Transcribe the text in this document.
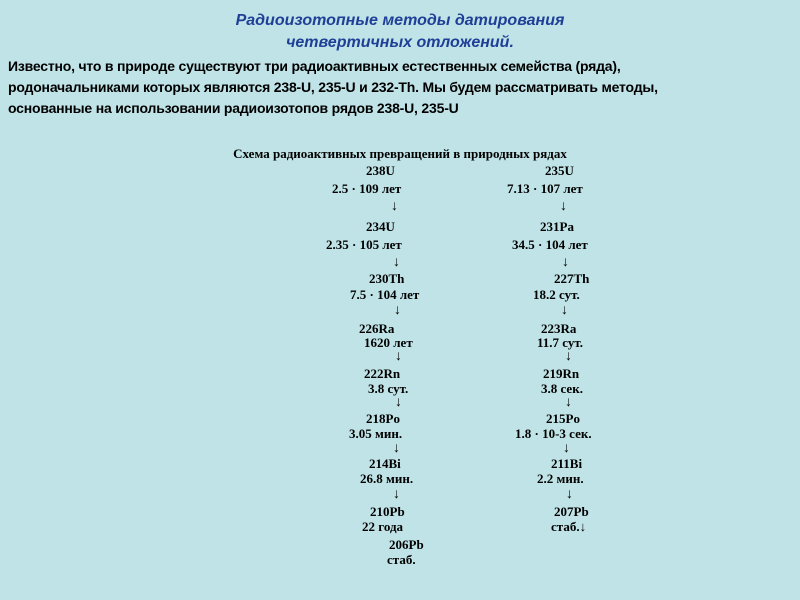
Радиоизотопные методы датирования
четвертичных отложений.
Известно, что в природе существуют три радиоактивных естественных семейства (ряда),
родоначальниками которых являются 238-U, 235-U и 232-Th. Мы будем рассматривать методы,
основанные на использовании радиоизотопов рядов 238-U, 235-U
Схема радиоактивных превращений в природных рядах
238U
2.5 · 109 лет
↓
234U
2.35 · 105 лет
↓
230Th
7.5 · 104 лет
↓
226Ra
1620 лет
↓
222Rn
3.8 сут.
↓
218Po
3.05 мин.
↓
214Bi
26.8 мин.
↓
210Pb
22 года
206Pb
стаб.
235U
7.13 · 107 лет
↓
231Pa
34.5 · 104 лет
↓
227Th
18.2 сут.
↓
223Ra
11.7 сут.
↓
219Rn
3.8 сек.
↓
215Po
1.8 · 10-3 сек.
↓
211Bi
2.2 мин.
↓
207Pb
стаб.↓
